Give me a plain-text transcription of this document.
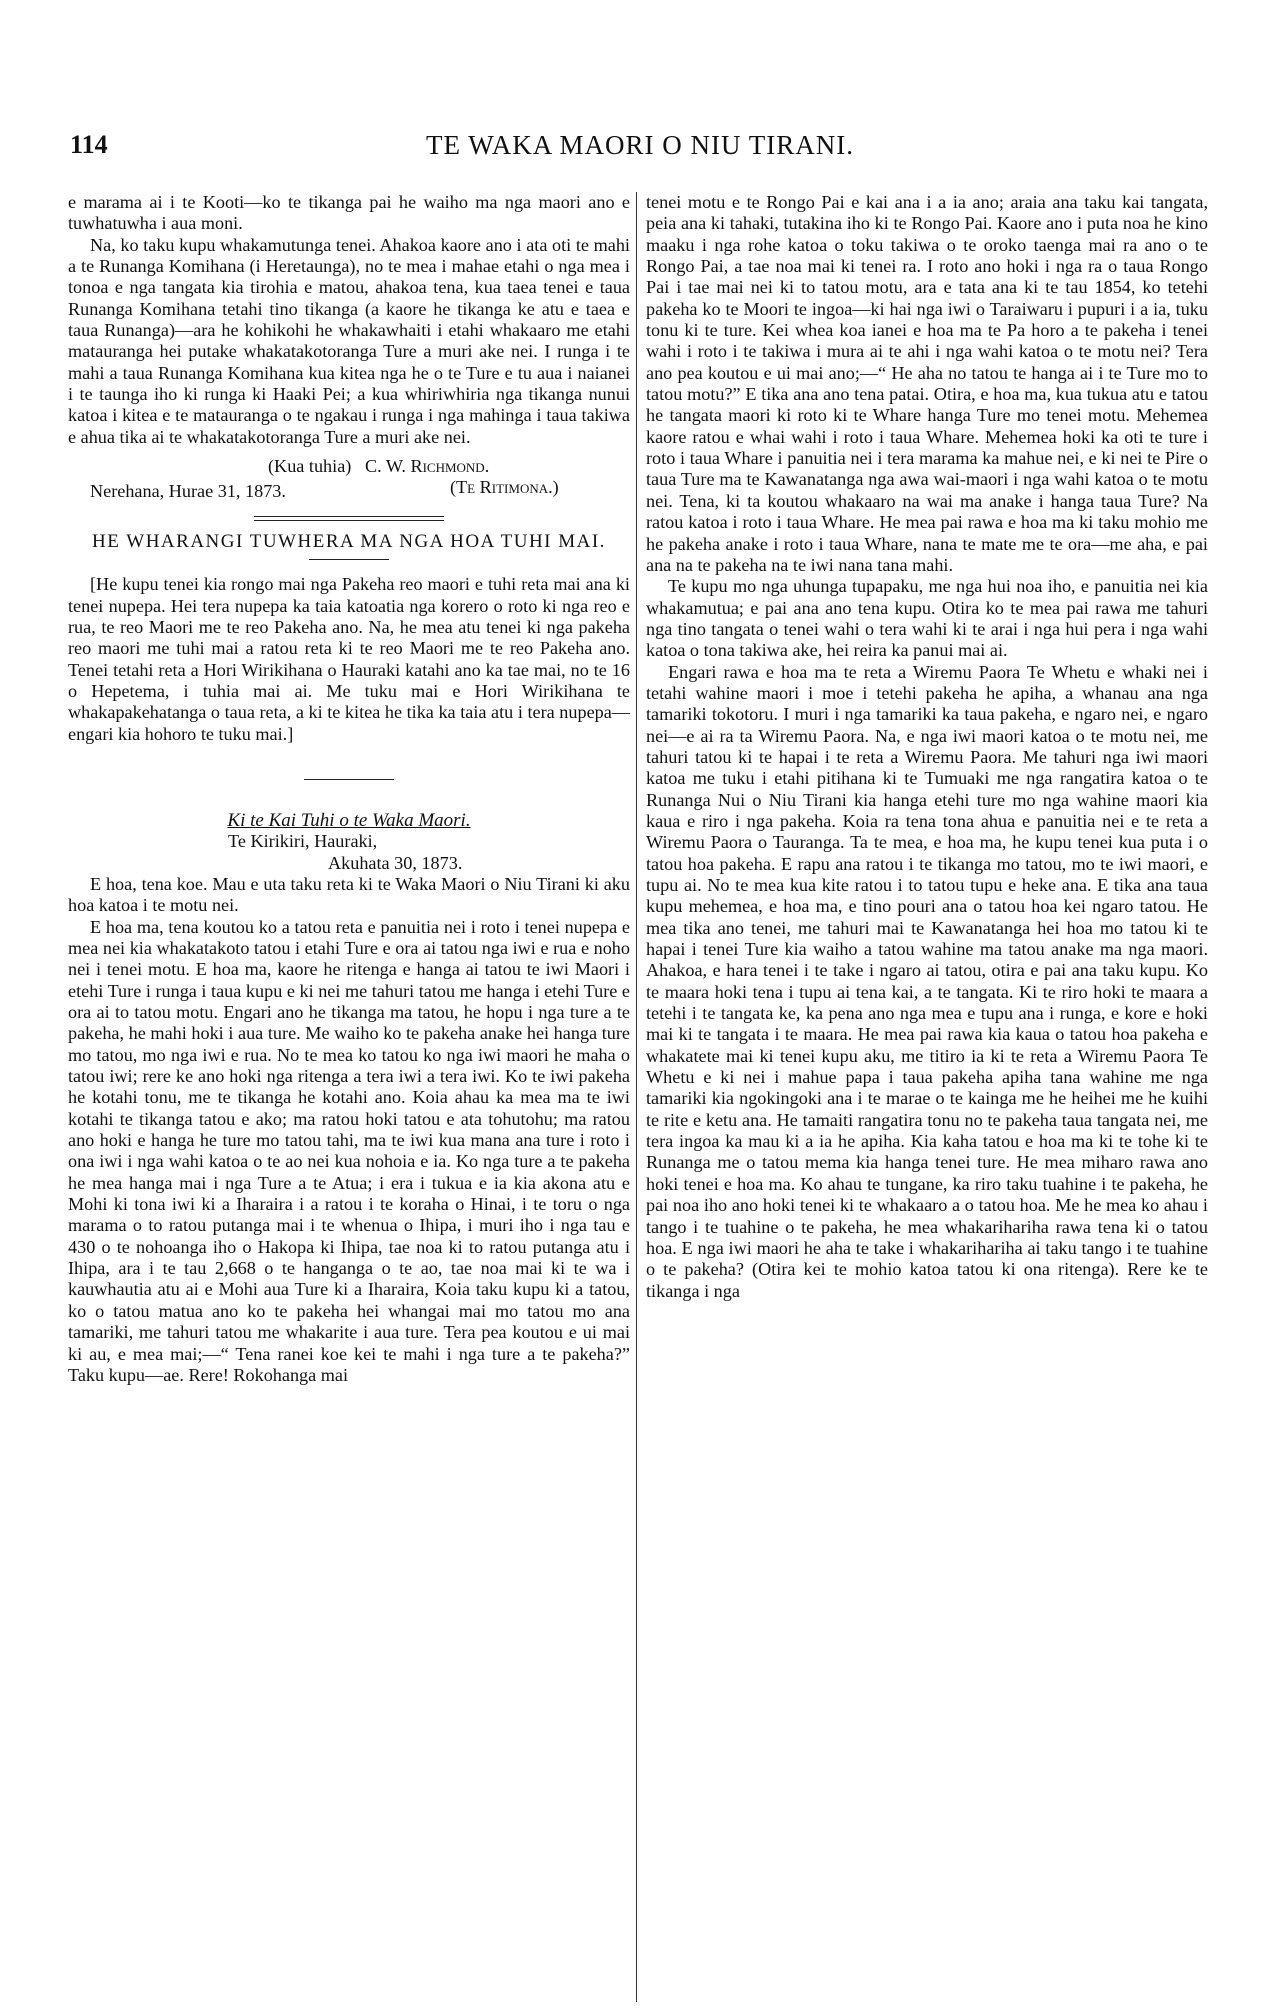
114	TE WAKA MAORI O NIU TIRANI.

e marama ai i te Kooti—ko te tikanga pai he waiho ma nga maori ano e tuwhatuwha i aua moni.

Na, ko taku kupu whakamutunga tenei. Ahakoa kaore ano i ata oti te mahi a te Runanga Komihana (i Heretaunga), no te mea i mahae etahi o nga mea i tonoa e nga tangata kia tirohia e matou, ahakoa tena, kua taea tenei e taua Runanga Komihana tetahi tino tikanga (a kaore he tikanga ke atu e taea e taua Runanga)—ara he kohikohi he whakawhaiti i etahi whakaaro me etahi matauranga hei putake whakatakotoranga Ture a muri ake nei. I runga i te mahi a taua Runanga Komihana kua kitea nga he o te Ture e tu aua i naianei i te taunga iho ki runga ki Haaki Pei; a kua whiriwhiria nga tikanga nunui katoa i kitea e te matauranga o te ngakau i runga i nga mahinga i taua takiwa e ahua tika ai te whakatakotoranga Ture a muri ake nei.

(Kua tuhia) C. W. Richmond.

(Te Ritimona.)

Nerehana, Hurae 31, 1873.

HE WHARANGI TUWHERA MA NGA HOA TUHI MAI.

[He kupu tenei kia rongo mai nga Pakeha reo maori e tuhi reta mai ana ki tenei nupepa. Hei tera nupepa ka taia katoatia nga korero o roto ki nga reo e rua, te reo Maori me te reo Pakeha ano. Na, he mea atu tenei ki nga pakeha reo maori me tuhi mai a ratou reta ki te reo Maori me te reo Pakeha ano. Tenei tetahi reta a Hori Wirikihana o Hauraki katahi ano ka tae mai, no te 16 o Hepetema, i tuhia mai ai. Me tuku mai e Hori Wirikihana te whakapakehatanga o taua reta, a ki te kitea he tika ka taia atu i tera nupepa—engari kia hohoro te tuku mai.]

Ki te Kai Tuhi o te Waka Maori.

Te Kirikiri, Hauraki,

Akuhata 30, 1873.

E hoa, tena koe. Mau e uta taku reta ki te Waka Maori o Niu Tirani ki aku hoa katoa i te motu nei.

E hoa ma, tena koutou ko a tatou reta e panuitia nei i roto i tenei nupepa e mea nei kia whakatakoto tatou i etahi Ture e ora ai tatou nga iwi e rua e noho nei i tenei motu. E hoa ma, kaore he ritenga e hanga ai tatou te iwi Maori i etehi Ture i runga i taua kupu e ki nei me tahuri tatou me hanga i etehi Ture e ora ai to tatou motu. Engari ano he tikanga ma tatou, he hopu i nga ture a te pakeha, he mahi hoki i aua ture. Me waiho ko te pakeha anake hei hanga ture mo tatou, mo nga iwi e rua. No te mea ko tatou ko nga iwi maori he maha o tatou iwi; rere ke ano hoki nga ritenga a tera iwi a tera iwi. Ko te iwi pakeha he kotahi tonu, me te tikanga he kotahi ano. Koia ahau ka mea ma te iwi kotahi te tikanga tatou e ako; ma ratou hoki tatou e ata tohutohu; ma ratou ano hoki e hanga he ture mo tatou tahi, ma te iwi kua mana ana ture i roto i ona iwi i nga wahi katoa o te ao nei kua nohoia e ia. Ko nga ture a te pakeha he mea hanga mai i nga Ture a te Atua; i era i tukua e ia kia akona atu e Mohi ki tona iwi ki a Iharaira i a ratou i te koraha o Hinai, i te toru o nga marama o to ratou putanga mai i te whenua o Ihipa, i muri iho i nga tau e 430 o te nohoanga iho o Hakopa ki Ihipa, tae noa ki to ratou putanga atu i Ihipa, ara i te tau 2,668 o te hanganga o te ao, tae noa mai ki te wa i kauwhautia atu ai e Mohi aua Ture ki a Iharaira, Koia taku kupu ki a tatou, ko o tatou matua ano ko te pakeha hei whangai mai mo tatou mo ana tamariki, me tahuri tatou me whakarite i aua ture. Tera pea koutou e ui mai ki au, e mea mai;—“ Tena ranei koe kei te mahi i nga ture a te pakeha?” Taku kupu—ae. Rere! Rokohanga mai

tenei motu e te Rongo Pai e kai ana i a ia ano; araia ana taku kai tangata, peia ana ki tahaki, tutakina iho ki te Rongo Pai. Kaore ano i puta noa he kino maaku i nga rohe katoa o toku takiwa o te oroko taenga mai ra ano o te Rongo Pai, a tae noa mai ki tenei ra. I roto ano hoki i nga ra o taua Rongo Pai i tae mai nei ki to tatou motu, ara e tata ana ki te tau 1854, ko tetehi pakeha ko te Moori te ingoa—ki hai nga iwi o Taraiwaru i pupuri i a ia, tuku tonu ki te ture. Kei whea koa ianei e hoa ma te Pa horo a te pakeha i tenei wahi i roto i te takiwa i mura ai te ahi i nga wahi katoa o te motu nei? Tera ano pea koutou e ui mai ano;—“ He aha no tatou te hanga ai i te Ture mo to tatou motu?” E tika ana ano tena patai. Otira, e hoa ma, kua tukua atu e tatou he tangata maori ki roto ki te Whare hanga Ture mo tenei motu. Mehemea kaore ratou e whai wahi i roto i taua Whare. Mehemea hoki ka oti te ture i roto i taua Whare i panuitia nei i tera marama ka mahue nei, e ki nei te Pire o taua Ture ma te Kawanatanga nga awa wai-maori i nga wahi katoa o te motu nei. Tena, ki ta koutou whakaaro na wai ma anake i hanga taua Ture? Na ratou katoa i roto i taua Whare. He mea pai rawa e hoa ma ki taku mohio me he pakeha anake i roto i taua Whare, nana te mate me te ora—me aha, e pai ana na te pakeha na te iwi nana tana mahi.

Te kupu mo nga uhunga tupapaku, me nga hui noa iho, e panuitia nei kia whakamutua; e pai ana ano tena kupu. Otira ko te mea pai rawa me tahuri nga tino tangata o tenei wahi o tera wahi ki te arai i nga hui pera i nga wahi katoa o tona takiwa ake, hei reira ka panui mai ai.

Engari rawa e hoa ma te reta a Wiremu Paora Te Whetu e whaki nei i tetahi wahine maori i moe i tetehi pakeha he apiha, a whanau ana nga tamariki tokotoru. I muri i nga tamariki ka taua pakeha, e ngaro nei, e ngaro nei—e ai ra ta Wiremu Paora. Na, e nga iwi maori katoa o te motu nei, me tahuri tatou ki te hapai i te reta a Wiremu Paora. Me tahuri nga iwi maori katoa me tuku i etahi pitihana ki te Tumuaki me nga rangatira katoa o te Runanga Nui o Niu Tirani kia hanga etehi ture mo nga wahine maori kia kaua e riro i nga pakeha. Koia ra tena tona ahua e panuitia nei e te reta a Wiremu Paora o Tauranga. Ta te mea, e hoa ma, he kupu tenei kua puta i o tatou hoa pakeha. E rapu ana ratou i te tikanga mo tatou, mo te iwi maori, e tupu ai. No te mea kua kite ratou i to tatou tupu e heke ana. E tika ana taua kupu mehemea, e hoa ma, e tino pouri ana o tatou hoa kei ngaro tatou. He mea tika ano tenei, me tahuri mai te Kawanatanga hei hoa mo tatou ki te hapai i tenei Ture kia waiho a tatou wahine ma tatou anake ma nga maori. Ahakoa, e hara tenei i te take i ngaro ai tatou, otira e pai ana taku kupu. Ko te maara hoki tena i tupu ai tena kai, a te tangata. Ki te riro hoki te maara a tetehi i te tangata ke, ka pena ano nga mea e tupu ana i runga, e kore e hoki mai ki te tangata i te maara. He mea pai rawa kia kaua o tatou hoa pakeha e whakatete mai ki tenei kupu aku, me titiro ia ki te reta a Wiremu Paora Te Whetu e ki nei i mahue papa i taua pakeha apiha tana wahine me nga tamariki kia ngokingoki ana i te marae o te kainga me he heihei me he kuihi te rite e ketu ana. He tamaiti rangatira tonu no te pakeha taua tangata nei, me tera ingoa ka mau ki a ia he apiha. Kia kaha tatou e hoa ma ki te tohe ki te Runanga me o tatou mema kia hanga tenei ture. He mea miharo rawa ano hoki tenei e hoa ma. Ko ahau te tungane, ka riro taku tuahine i te pakeha, he pai noa iho ano hoki tenei ki te whakaaro a o tatou hoa. Me he mea ko ahau i tango i te tuahine o te pakeha, he mea whakarihariha rawa tena ki o tatou hoa. E nga iwi maori he aha te take i whakarihariha ai taku tango i te tuahine o te pakeha? (Otira kei te mohio katoa tatou ki ona ritenga). Rere ke te tikanga i nga
